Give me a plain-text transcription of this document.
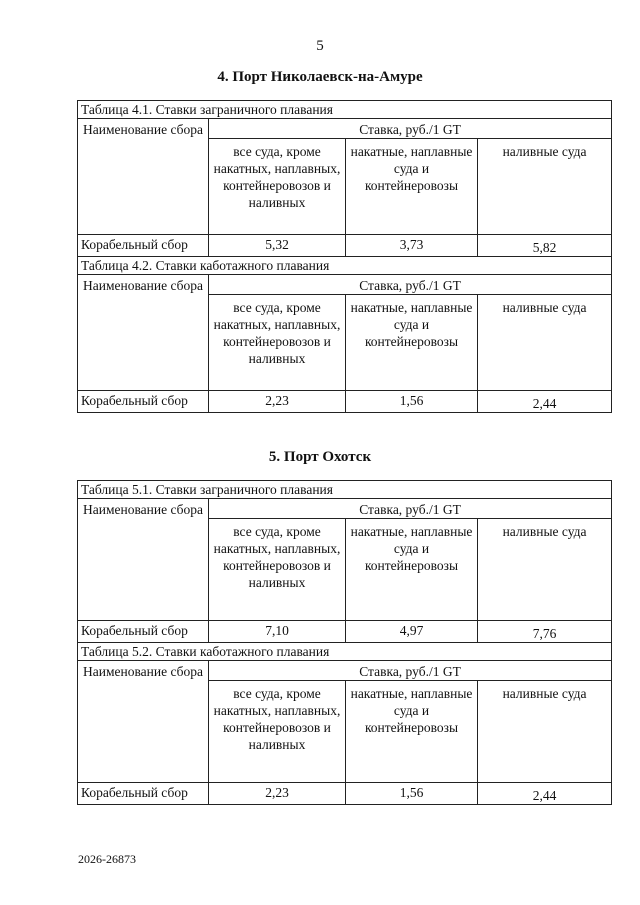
5
4. Порт Николаевск-на-Амуре
Таблица 4.1. Ставки заграничного плавания			
Наименование сбора	Ставка, руб./1 GT		
	все суда, кроме накатных, наплавных, контейнеровозов и наливных	накатные, наплавные суда и контейнеровозы	наливные суда
Корабельный сбор	5,32	3,73	5,82
Таблица 4.2. Ставки каботажного плавания			
Наименование сбора	Ставка, руб./1 GT		
	все суда, кроме накатных, наплавных, контейнеровозов и наливных	накатные, наплавные суда и контейнеровозы	наливные суда
Корабельный сбор	2,23	1,56	2,44
5. Порт Охотск
Таблица 5.1. Ставки заграничного плавания			
Наименование сбора	Ставка, руб./1 GT		
	все суда, кроме накатных, наплавных, контейнеровозов и наливных	накатные, наплавные суда и контейнеровозы	наливные суда
Корабельный сбор	7,10	4,97	7,76
Таблица 5.2. Ставки каботажного плавания			
Наименование сбора	Ставка, руб./1 GT		
	все суда, кроме накатных, наплавных, контейнеровозов и наливных	накатные, наплавные суда и контейнеровозы	наливные суда
Корабельный сбор	2,23	1,56	2,44
2026-26873
